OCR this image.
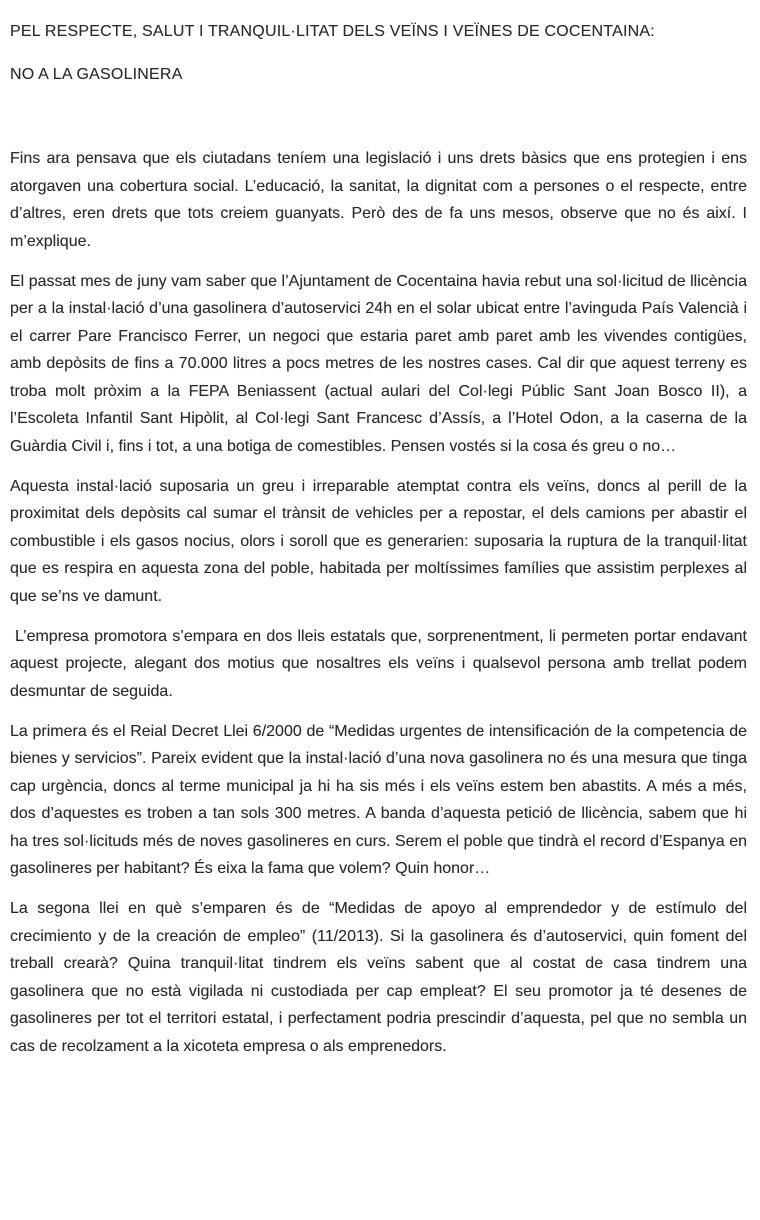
PEL RESPECTE, SALUT I TRANQUIL·LITAT DELS VEÏNS I VEÏNES DE COCENTAINA:

NO A LA GASOLINERA

Fins ara pensava que els ciutadans teníem una legislació i uns drets bàsics que ens protegien i ens atorgaven una cobertura social. L’educació, la sanitat, la dignitat com a persones o el respecte, entre d’altres, eren drets que tots creiem guanyats. Però des de fa uns mesos, observe que no és així. I m’explique.

El passat mes de juny vam saber que l’Ajuntament de Cocentaina havia rebut una sol·licitud de llicència per a la instal·lació d’una gasolinera d’autoservici 24h en el solar ubicat entre l’avinguda País Valencià i el carrer Pare Francisco Ferrer, un negoci que estaria paret amb paret amb les vivendes contigües, amb depòsits de fins a 70.000 litres a pocs metres de les nostres cases. Cal dir que aquest terreny es troba molt pròxim a la FEPA Beniassent (actual aulari del Col·legi Públic Sant Joan Bosco II), a l’Escoleta Infantil Sant Hipòlit, al Col·legi Sant Francesc d’Assís, a l’Hotel Odon, a la caserna de la Guàrdia Civil i, fins i tot, a una botiga de comestibles. Pensen vostés si la cosa és greu o no…

Aquesta instal·lació suposaria un greu i irreparable atemptat contra els veïns, doncs al perill de la proximitat dels depòsits cal sumar el trànsit de vehicles per a repostar, el dels camions per abastir el combustible i els gasos nocius, olors i soroll que es generarien: suposaria la ruptura de la tranquil·litat que es respira en aquesta zona del poble, habitada per moltíssimes famílies que assistim perplexes al que se’ns ve damunt.

L’empresa promotora s’empara en dos lleis estatals que, sorprenentment, li permeten portar endavant aquest projecte, alegant dos motius que nosaltres els veïns i qualsevol persona amb trellat podem desmuntar de seguida.

La primera és el Reial Decret Llei 6/2000 de “Medidas urgentes de intensificación de la competencia de bienes y servicios”. Pareix evident que la instal·lació d’una nova gasolinera no és una mesura que tinga cap urgència, doncs al terme municipal ja hi ha sis més i els veïns estem ben abastits. A més a més, dos d’aquestes es troben a tan sols 300 metres. A banda d’aquesta petició de llicència, sabem que hi ha tres sol·licituds més de noves gasolineres en curs. Serem el poble que tindrà el record d’Espanya en gasolineres per habitant? És eixa la fama que volem? Quin honor…

La segona llei en què s’emparen és de “Medidas de apoyo al emprendedor y de estímulo del crecimiento y de la creación de empleo” (11/2013). Si la gasolinera és d’autoservici, quin foment del treball crearà? Quina tranquil·litat tindrem els veïns sabent que al costat de casa tindrem una gasolinera que no està vigilada ni custodiada per cap empleat? El seu promotor ja té desenes de gasolineres per tot el territori estatal, i perfectament podria prescindir d’aquesta, pel que no sembla un cas de recolzament a la xicoteta empresa o als emprenedors.
